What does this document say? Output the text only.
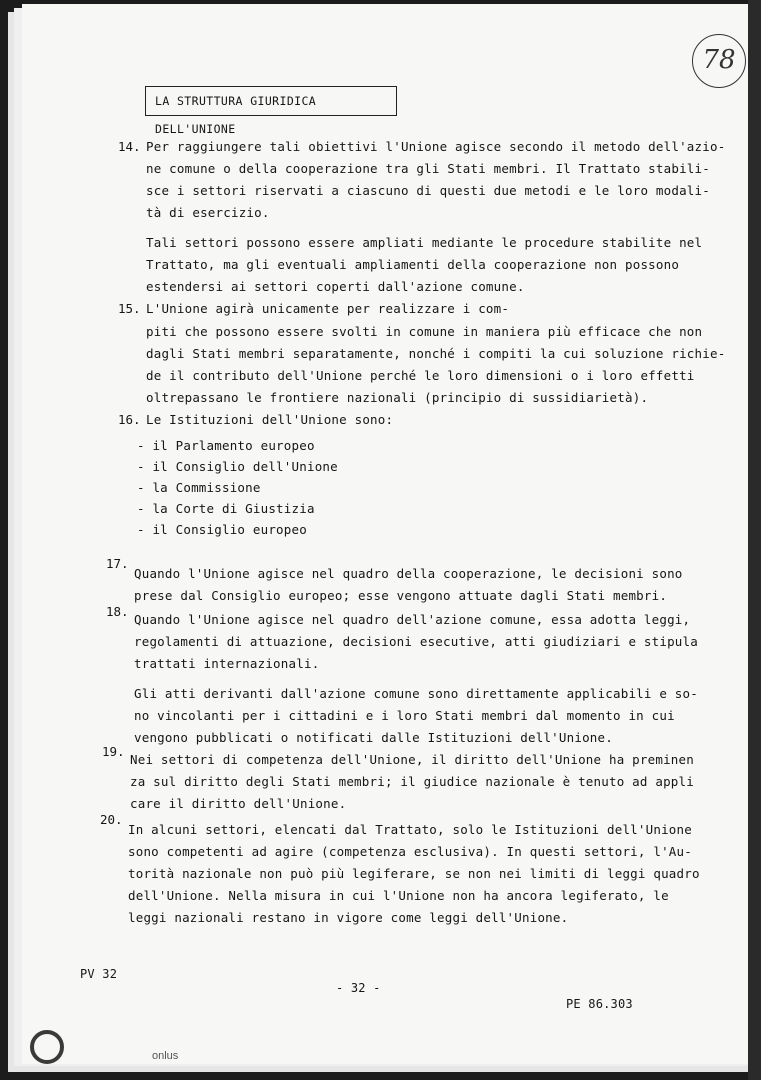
78
LA STRUTTURA GIURIDICA DELL'UNIONE
14. Per raggiungere tali obiettivi l'Unione agisce secondo il metodo dell'azio-
ne comune o della cooperazione tra gli Stati membri. Il Trattato stabili-
sce i settori riservati a ciascuno di questi due metodi e le loro modali-
tà di esercizio.
Tali settori possono essere ampliati mediante le procedure stabilite nel
Trattato, ma gli eventuali ampliamenti della cooperazione non possono
estendersi ai settori coperti dall'azione comune.
15. L'Unione agirà unicamente per realizzare i com-
piti che possono essere svolti in comune in maniera più efficace che non
dagli Stati membri separatamente, nonché i compiti la cui soluzione richie-
de il contributo dell'Unione perché le loro dimensioni o i loro effetti
oltrepassano le frontiere nazionali (principio di sussidiarietà).
16. Le Istituzioni dell'Unione sono:
- il Parlamento europeo
- il Consiglio dell'Unione
- la Commissione
- la Corte di Giustizia
- il Consiglio europeo
17.
Quando l'Unione agisce nel quadro della cooperazione, le decisioni sono
prese dal Consiglio europeo; esse vengono attuate dagli Stati membri.
18.
Quando l'Unione agisce nel quadro dell'azione comune, essa adotta leggi,
regolamenti di attuazione, decisioni esecutive, atti giudiziari e stipula
trattati internazionali.
Gli atti derivanti dall'azione comune sono direttamente applicabili e so-
no vincolanti per i cittadini e i loro Stati membri dal momento in cui
vengono pubblicati o notificati dalle Istituzioni dell'Unione.
19.
Nei settori di competenza dell'Unione, il diritto dell'Unione ha preminen
za sul diritto degli Stati membri; il giudice nazionale è tenuto ad appli
care il diritto dell'Unione.
20.
In alcuni settori, elencati dal Trattato, solo le Istituzioni dell'Unione
sono competenti ad agire (competenza esclusiva). In questi settori, l'Au-
torità nazionale non può più legiferare, se non nei limiti di leggi quadro
dell'Unione. Nella misura in cui l'Unione non ha ancora legiferato, le
leggi nazionali restano in vigore come leggi dell'Unione.
PV 32
- 32 -
PE 86.303
onlus
